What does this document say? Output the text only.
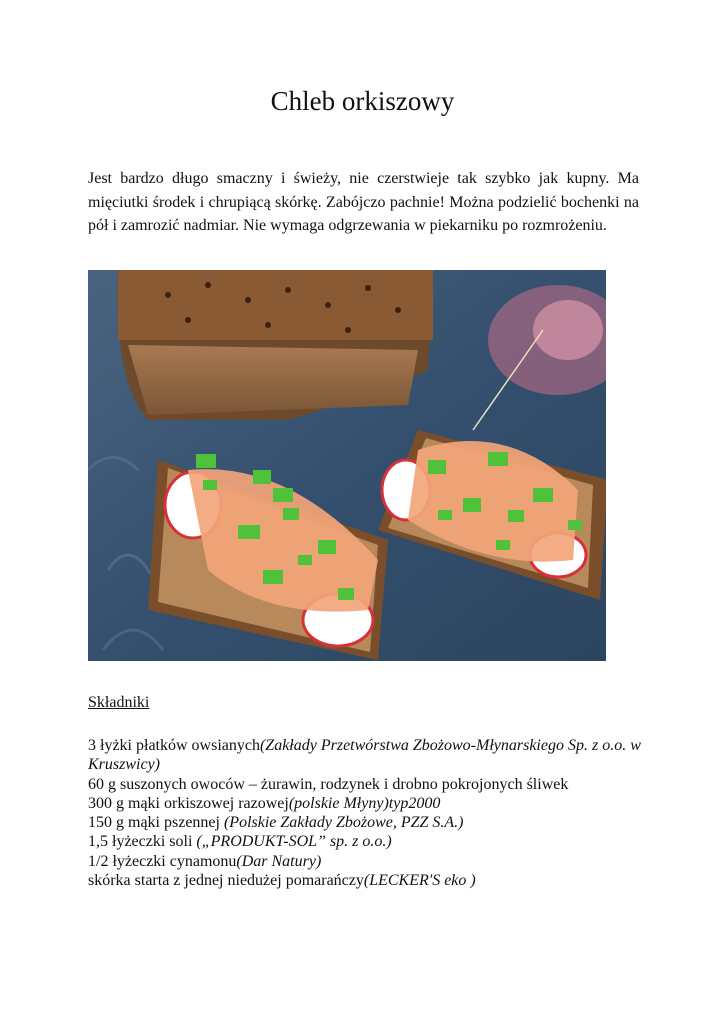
Chleb orkiszowy

Jest bardzo długo smaczny i świeży, nie czerstwieje tak szybko jak kupny. Ma mięciutki środek i chrupiącą skórkę. Zabójczo pachnie! Można podzielić bochenki na pół i zamrozić nadmiar. Nie wymaga odgrzewania w piekarniku po rozmrożeniu.

Składniki
3 łyżki płatków owsianych(Zakłady Przetwórstwa Zbożowo-Młynarskiego Sp. z o.o. w Kruszwicy)
60 g suszonych owoców – żurawin, rodzynek i drobno pokrojonych śliwek
300 g mąki orkiszowej razowej(polskie Młyny)typ2000
150 g mąki pszennej (Polskie Zakłady Zbożowe, PZZ S.A.)
1,5 łyżeczki soli („PRODUKT-SOL” sp. z o.o.)
1/2 łyżeczki cynamonu(Dar Natury)
skórka starta z jednej niedużej pomarańczy(LECKER'S eko )
